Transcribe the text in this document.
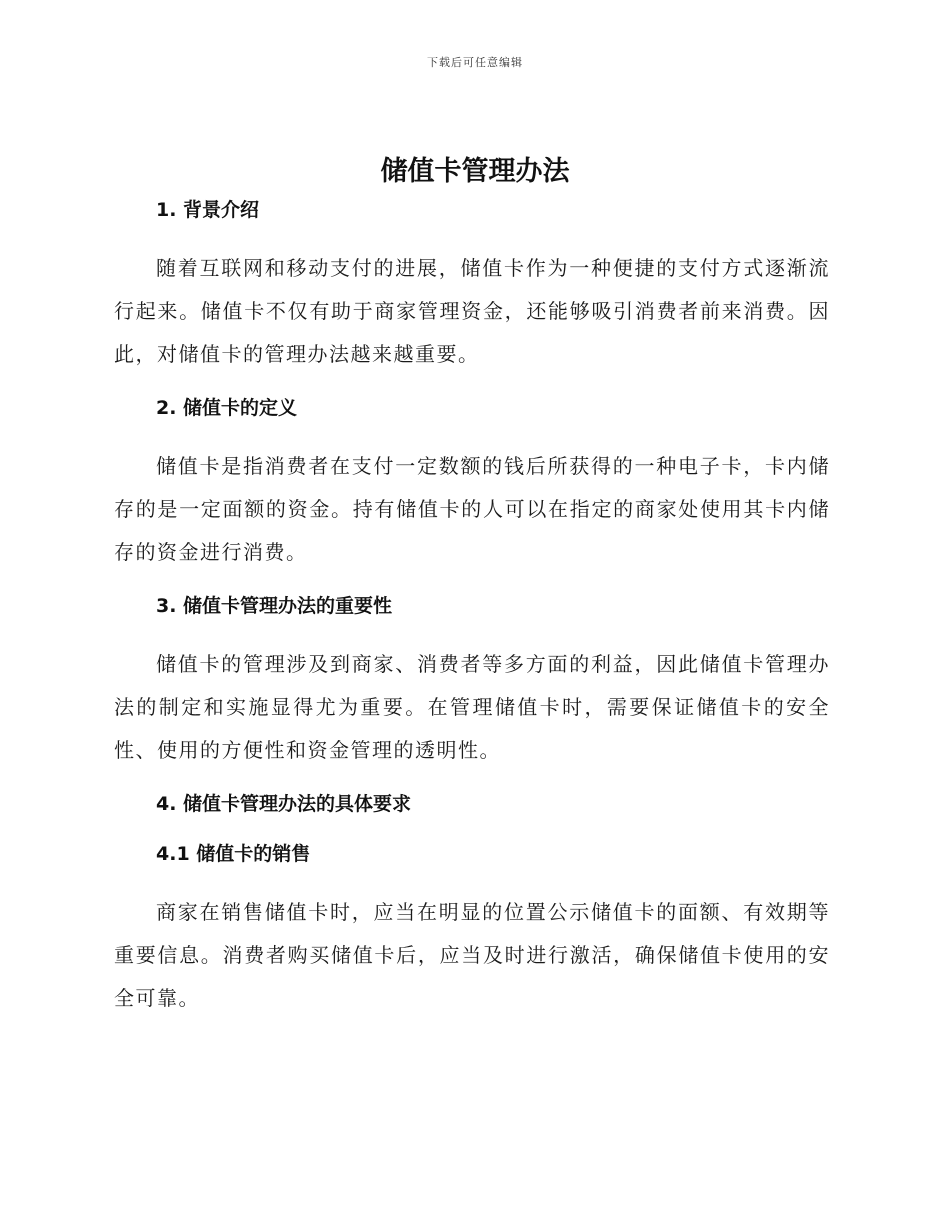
下载后可任意编辑
储值卡管理办法
1. 背景介绍

随着互联网和移动支付的进展，储值卡作为一种便捷的支付方式逐渐流行起来。储值卡不仅有助于商家管理资金，还能够吸引消费者前来消费。因此，对储值卡的管理办法越来越重要。

2. 储值卡的定义

储值卡是指消费者在支付一定数额的钱后所获得的一种电子卡，卡内储存的是一定面额的资金。持有储值卡的人可以在指定的商家处使用其卡内储存的资金进行消费。

3. 储值卡管理办法的重要性

储值卡的管理涉及到商家、消费者等多方面的利益，因此储值卡管理办法的制定和实施显得尤为重要。在管理储值卡时，需要保证储值卡的安全性、使用的方便性和资金管理的透明性。

4. 储值卡管理办法的具体要求
4.1 储值卡的销售

商家在销售储值卡时，应当在明显的位置公示储值卡的面额、有效期等重要信息。消费者购买储值卡后，应当及时进行激活，确保储值卡使用的安全可靠。
